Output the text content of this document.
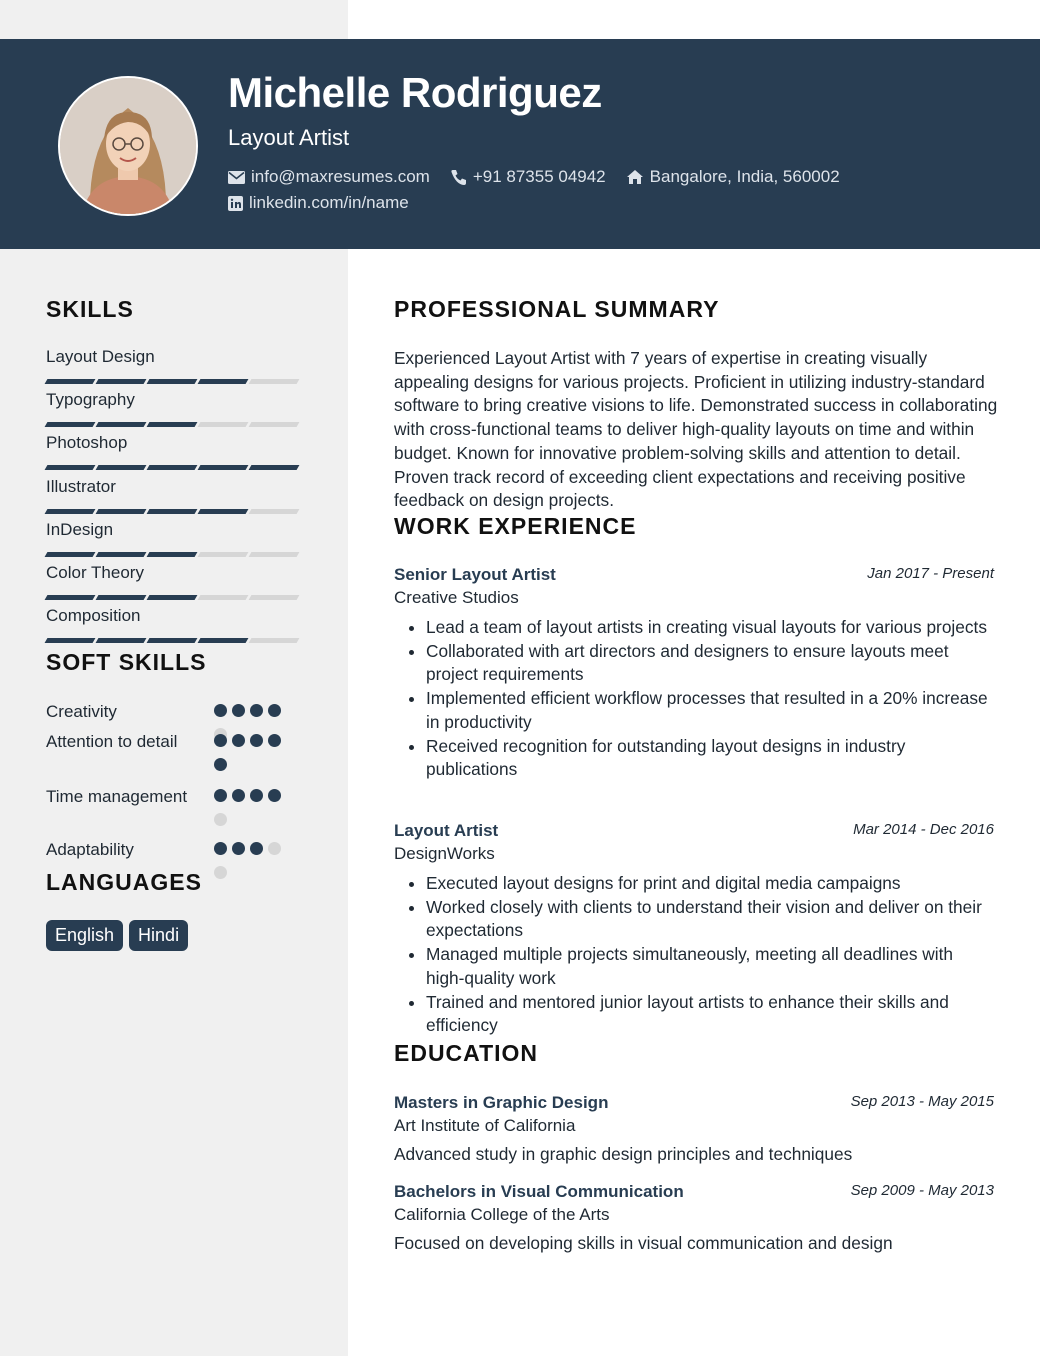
Michelle Rodriguez
Layout Artist
info@maxresumes.com	+91 87355 04942	Bangalore, India, 560002
linkedin.com/in/name
SKILLS
Layout Design
Typography
Photoshop
Illustrator
InDesign
Color Theory
Composition
SOFT SKILLS
Creativity
Attention to detail
Time management
Adaptability
LANGUAGES
English	Hindi
PROFESSIONAL SUMMARY
Experienced Layout Artist with 7 years of expertise in creating visually appealing designs for various projects. Proficient in utilizing industry-standard software to bring creative visions to life. Demonstrated success in collaborating with cross-functional teams to deliver high-quality layouts on time and within budget. Known for innovative problem-solving skills and attention to detail. Proven track record of exceeding client expectations and receiving positive feedback on design projects.
WORK EXPERIENCE
Senior Layout Artist	Jan 2017 - Present
Creative Studios
• Lead a team of layout artists in creating visual layouts for various projects
• Collaborated with art directors and designers to ensure layouts meet project requirements
• Implemented efficient workflow processes that resulted in a 20% increase in productivity
• Received recognition for outstanding layout designs in industry publications
Layout Artist	Mar 2014 - Dec 2016
DesignWorks
• Executed layout designs for print and digital media campaigns
• Worked closely with clients to understand their vision and deliver on their expectations
• Managed multiple projects simultaneously, meeting all deadlines with high-quality work
• Trained and mentored junior layout artists to enhance their skills and efficiency
EDUCATION
Masters in Graphic Design	Sep 2013 - May 2015
Art Institute of California
Advanced study in graphic design principles and techniques
Bachelors in Visual Communication	Sep 2009 - May 2013
California College of the Arts
Focused on developing skills in visual communication and design
